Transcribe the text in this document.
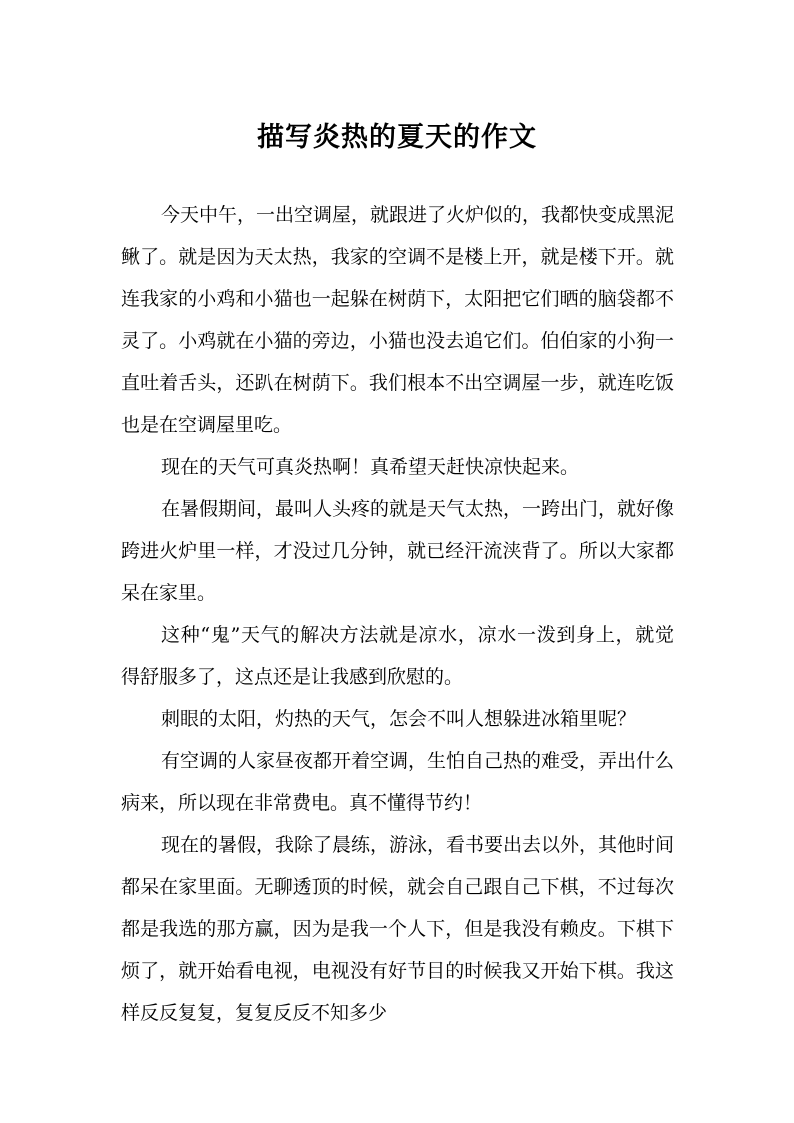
描写炎热的夏天的作文

今天中午，一出空调屋，就跟进了火炉似的，我都快变成黑泥鳅了。就是因为天太热，我家的空调不是楼上开，就是楼下开。就连我家的小鸡和小猫也一起躲在树荫下，太阳把它们晒的脑袋都不灵了。小鸡就在小猫的旁边，小猫也没去追它们。伯伯家的小狗一直吐着舌头，还趴在树荫下。我们根本不出空调屋一步，就连吃饭也是在空调屋里吃。

现在的天气可真炎热啊！真希望天赶快凉快起来。

在暑假期间，最叫人头疼的就是天气太热，一跨出门，就好像跨进火炉里一样，才没过几分钟，就已经汗流浃背了。所以大家都呆在家里。

这种“鬼”天气的解决方法就是凉水，凉水一泼到身上，就觉得舒服多了，这点还是让我感到欣慰的。

刺眼的太阳，灼热的天气，怎会不叫人想躲进冰箱里呢？

有空调的人家昼夜都开着空调，生怕自己热的难受，弄出什么病来，所以现在非常费电。真不懂得节约！

现在的暑假，我除了晨练，游泳，看书要出去以外，其他时间都呆在家里面。无聊透顶的时候，就会自己跟自己下棋，不过每次都是我选的那方赢，因为是我一个人下，但是我没有赖皮。下棋下烦了，就开始看电视，电视没有好节目的时候我又开始下棋。我这样反反复复，复复反反不知多少
